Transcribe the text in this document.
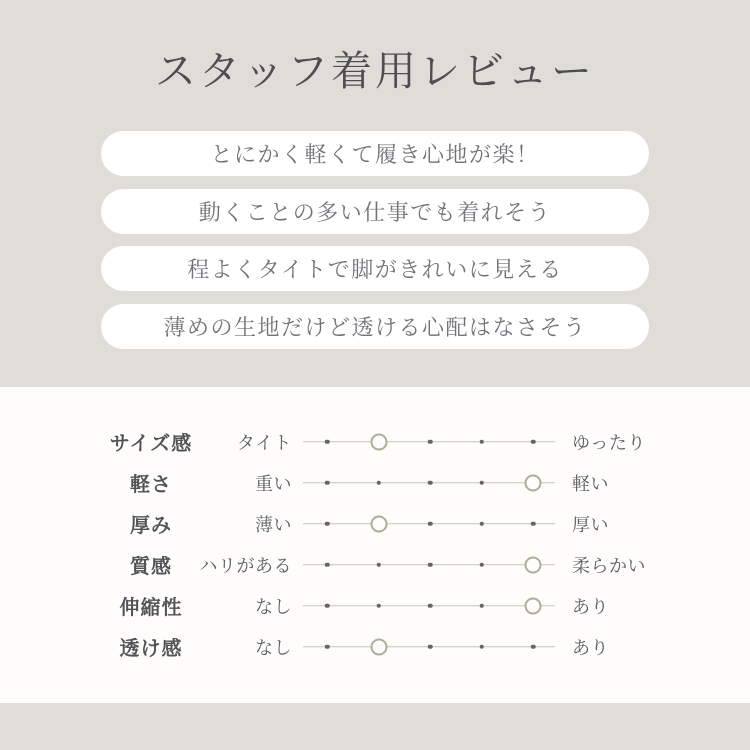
スタッフ着用レビュー
とにかく軽くて履き心地が楽！
動くことの多い仕事でも着れそう
程よくタイトで脚がきれいに見える
薄めの生地だけど透ける心配はなさそう
サイズ感	タイト	ゆったり
軽さ	重い	軽い
厚み	薄い	厚い
質感	ハリがある	柔らかい
伸縮性	なし	あり
透け感	なし	あり
